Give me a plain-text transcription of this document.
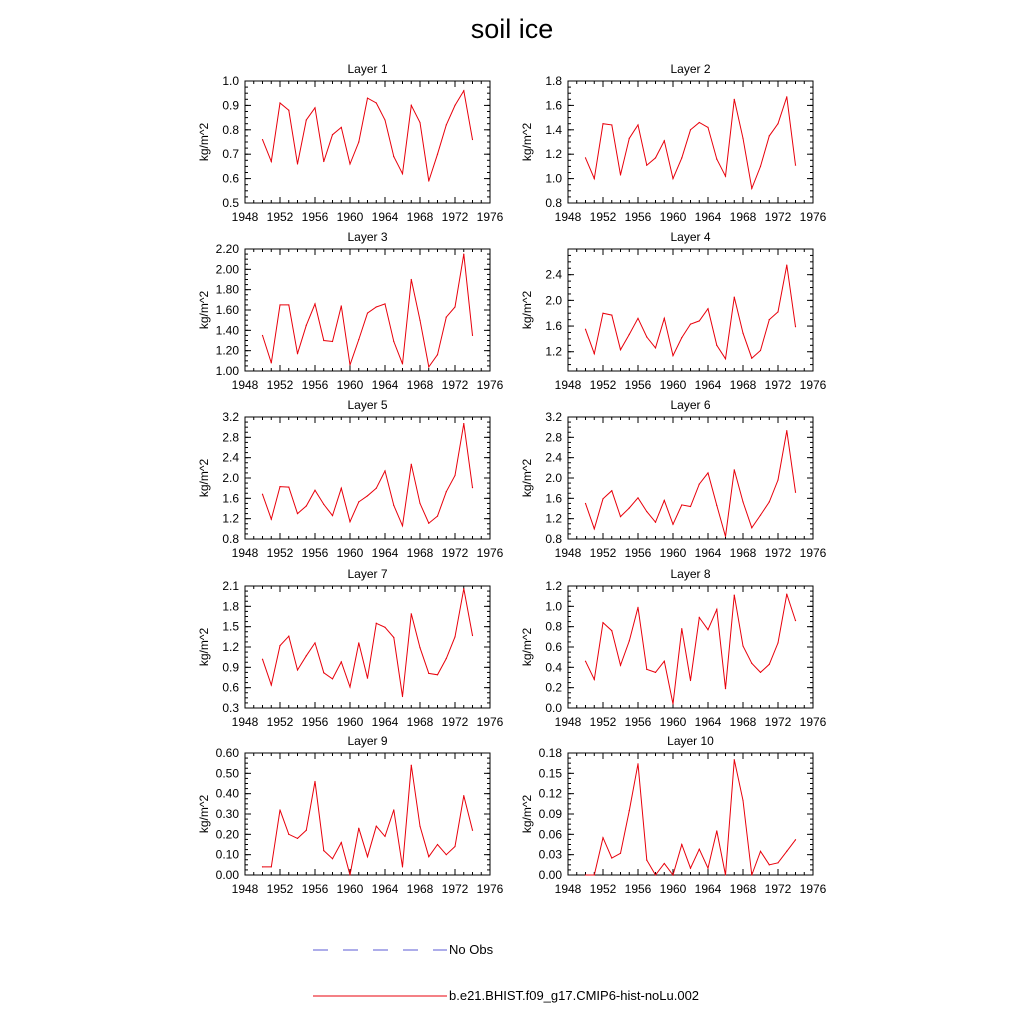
soil ice
1948 1952 1956 1960 1964 1968 1972 1976
0.5
0.6
0.7
0.8
0.9
1.0
Layer 1
kg/m^2
1948 1952 1956 1960 1964 1968 1972 1976
0.8
1.0
1.2
1.4
1.6
1.8
Layer 2
kg/m^2
1948 1952 1956 1960 1964 1968 1972 1976
1.00
1.20
1.40
1.60
1.80
2.00
2.20
Layer 3
kg/m^2
1948 1952 1956 1960 1964 1968 1972 1976
1.2
1.6
2.0
2.4
Layer 4
kg/m^2
1948 1952 1956 1960 1964 1968 1972 1976
0.8
1.2
1.6
2.0
2.4
2.8
3.2
Layer 5
kg/m^2
1948 1952 1956 1960 1964 1968 1972 1976
0.8
1.2
1.6
2.0
2.4
2.8
3.2
Layer 6
kg/m^2
1948 1952 1956 1960 1964 1968 1972 1976
0.3
0.6
0.9
1.2
1.5
1.8
2.1
Layer 7
kg/m^2
1948 1952 1956 1960 1964 1968 1972 1976
0.0
0.2
0.4
0.6
0.8
1.0
1.2
Layer 8
kg/m^2
1948 1952 1956 1960 1964 1968 1972 1976
0.00
0.10
0.20
0.30
0.40
0.50
0.60
Layer 9
kg/m^2
1948 1952 1956 1960 1964 1968 1972 1976
0.00
0.03
0.06
0.09
0.12
0.15
0.18
Layer 10
kg/m^2
No Obs
b.e21.BHIST.f09_g17.CMIP6-hist-noLu.002
